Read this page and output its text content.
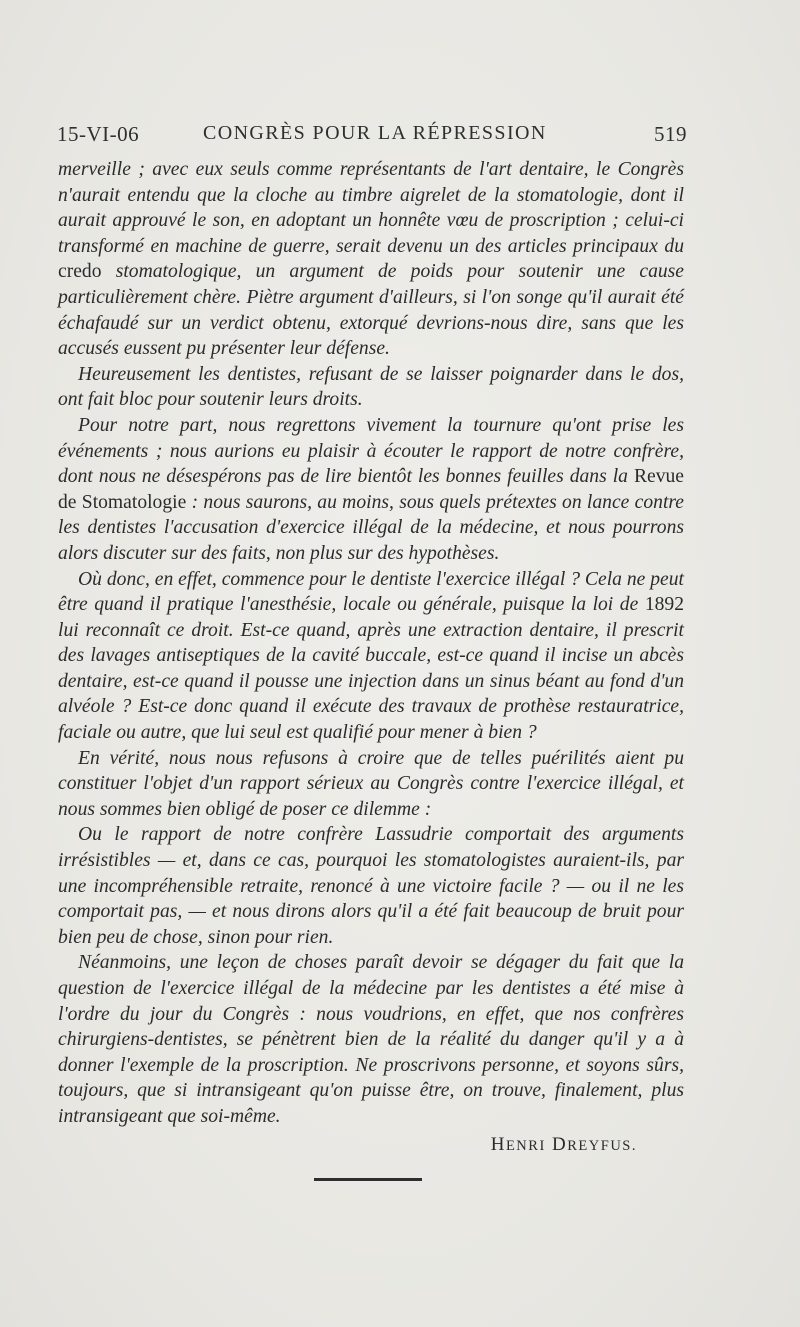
15-VI-06	CONGRÈS POUR LA RÉPRESSION	519

merveille ; avec eux seuls comme représentants de l'art dentaire, le Congrès n'aurait entendu que la cloche au timbre aigrelet de la stomatologie, dont il aurait approuvé le son, en adoptant un honnête vœu de proscription ; celui-ci transformé en machine de guerre, serait devenu un des articles principaux du credo stomatologique, un argument de poids pour soutenir une cause particulièrement chère. Piètre argument d'ailleurs, si l'on songe qu'il aurait été échafaudé sur un verdict obtenu, extorqué devrions-nous dire, sans que les accusés eussent pu présenter leur défense.

Heureusement les dentistes, refusant de se laisser poignarder dans le dos, ont fait bloc pour soutenir leurs droits.

Pour notre part, nous regrettons vivement la tournure qu'ont prise les événements ; nous aurions eu plaisir à écouter le rapport de notre confrère, dont nous ne désespérons pas de lire bientôt les bonnes feuilles dans la Revue de Stomatologie : nous saurons, au moins, sous quels prétextes on lance contre les dentistes l'accusation d'exercice illégal de la médecine, et nous pourrons alors discuter sur des faits, non plus sur des hypothèses.

Où donc, en effet, commence pour le dentiste l'exercice illégal ? Cela ne peut être quand il pratique l'anesthésie, locale ou générale, puisque la loi de 1892 lui reconnaît ce droit. Est-ce quand, après une extraction dentaire, il prescrit des lavages antiseptiques de la cavité buccale, est-ce quand il incise un abcès dentaire, est-ce quand il pousse une injection dans un sinus béant au fond d'un alvéole ? Est-ce donc quand il exécute des travaux de prothèse restauratrice, faciale ou autre, que lui seul est qualifié pour mener à bien ?

En vérité, nous nous refusons à croire que de telles puérilités aient pu constituer l'objet d'un rapport sérieux au Congrès contre l'exercice illégal, et nous sommes bien obligé de poser ce dilemme :

Ou le rapport de notre confrère Lassudrie comportait des arguments irrésistibles — et, dans ce cas, pourquoi les stomatologistes auraient-ils, par une incompréhensible retraite, renoncé à une victoire facile ? — ou il ne les comportait pas, — et nous dirons alors qu'il a été fait beaucoup de bruit pour bien peu de chose, sinon pour rien.

Néanmoins, une leçon de choses paraît devoir se dégager du fait que la question de l'exercice illégal de la médecine par les dentistes a été mise à l'ordre du jour du Congrès : nous voudrions, en effet, que nos confrères chirurgiens-dentistes, se pénètrent bien de la réalité du danger qu'il y a à donner l'exemple de la proscription. Ne proscrivons personne, et soyons sûrs, toujours, que si intransigeant qu'on puisse être, on trouve, finalement, plus intransigeant que soi-même.

HENRI DREYFUS.
